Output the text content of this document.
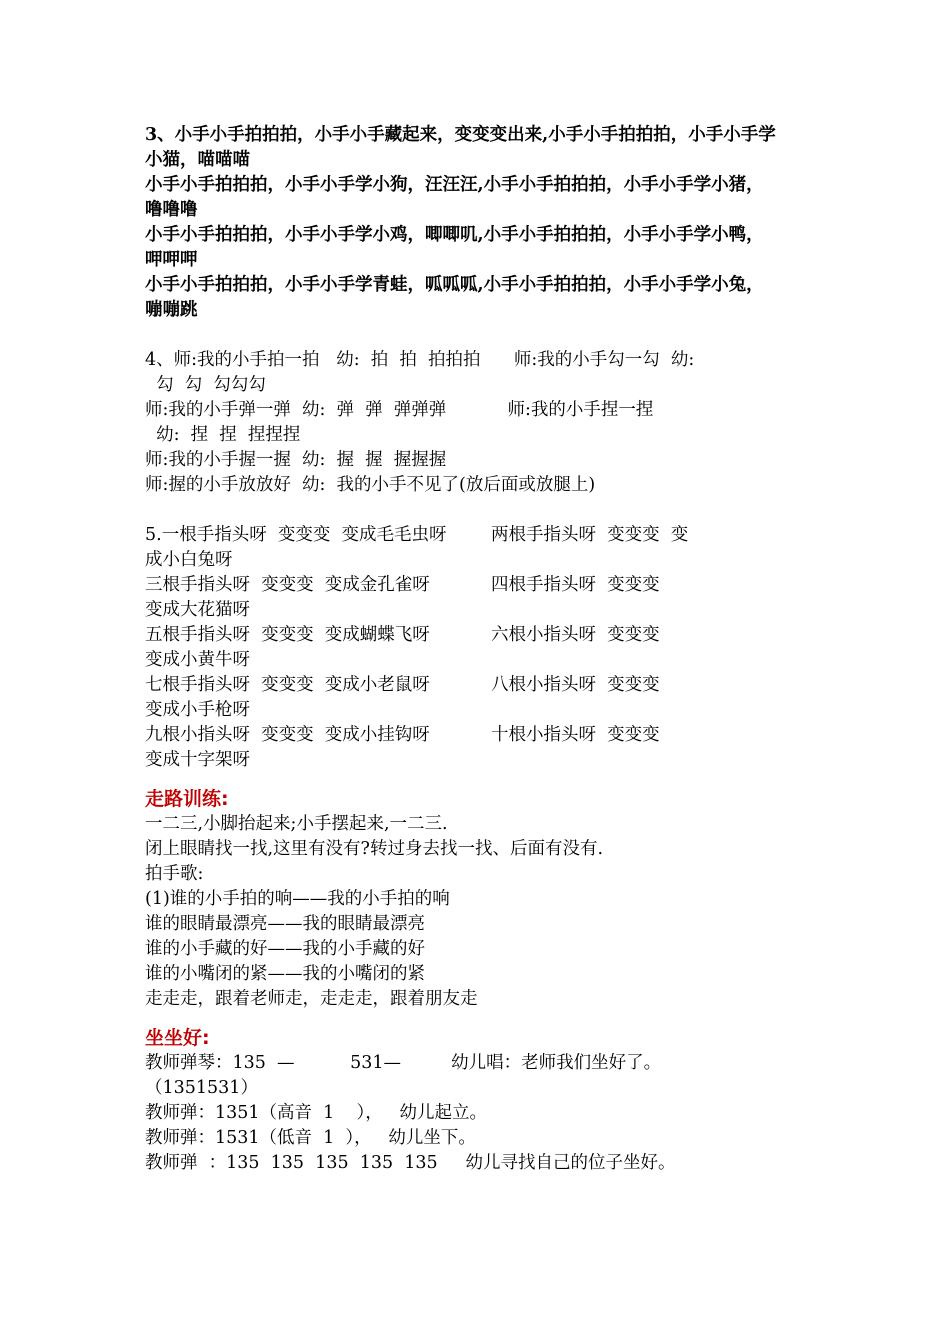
3、小手小手拍拍拍，小手小手藏起来，变变变出来,小手小手拍拍拍，小手小手学
小猫，喵喵喵
小手小手拍拍拍，小手小手学小狗，汪汪汪,小手小手拍拍拍，小手小手学小猪，
噜噜噜
小手小手拍拍拍，小手小手学小鸡，唧唧叽,小手小手拍拍拍，小手小手学小鸭，
呷呷呷
小手小手拍拍拍，小手小手学青蛙，呱呱呱,小手小手拍拍拍，小手小手学小兔，
嘣嘣跳
4、师:我的小手拍一拍   幼:  拍  拍  拍拍拍      师:我的小手勾一勾  幼:
勾  勾  勾勾勾
师:我的小手弹一弹  幼:  弹  弹  弹弹弹           师:我的小手捏一捏
幼:  捏  捏  捏捏捏
师:我的小手握一握  幼:  握  握  握握握
师:握的小手放放好  幼:  我的小手不见了(放后面或放腿上)
5.一根手指头呀  变变变  变成毛毛虫呀        两根手指头呀  变变变  变
成小白兔呀
三根手指头呀  变变变  变成金孔雀呀           四根手指头呀  变变变
变成大花猫呀
五根手指头呀  变变变  变成蝴蝶飞呀           六根小指头呀  变变变
变成小黄牛呀
七根手指头呀  变变变  变成小老鼠呀           八根小指头呀  变变变
变成小手枪呀
九根小指头呀  变变变  变成小挂钩呀           十根小指头呀  变变变
变成十字架呀
走路训练:
一二三,小脚抬起来;小手摆起来,一二三.
闭上眼睛找一找,这里有没有?转过身去找一找、后面有没有.
拍手歌:
(1)谁的小手拍的响——我的小手拍的响
谁的眼睛最漂亮——我的眼睛最漂亮
谁的小手藏的好——我的小手藏的好
谁的小嘴闭的紧——我的小嘴闭的紧
走走走，跟着老师走，走走走，跟着朋友走
坐坐好:
教师弹琴：135  —          531—         幼儿唱：老师我们坐好了。
（1351531）
教师弹：1351（高音  1    ），   幼儿起立。
教师弹：1531（低音  1  ），   幼儿坐下。
教师弹  ：135  135  135  135  135     幼儿寻找自己的位子坐好。
